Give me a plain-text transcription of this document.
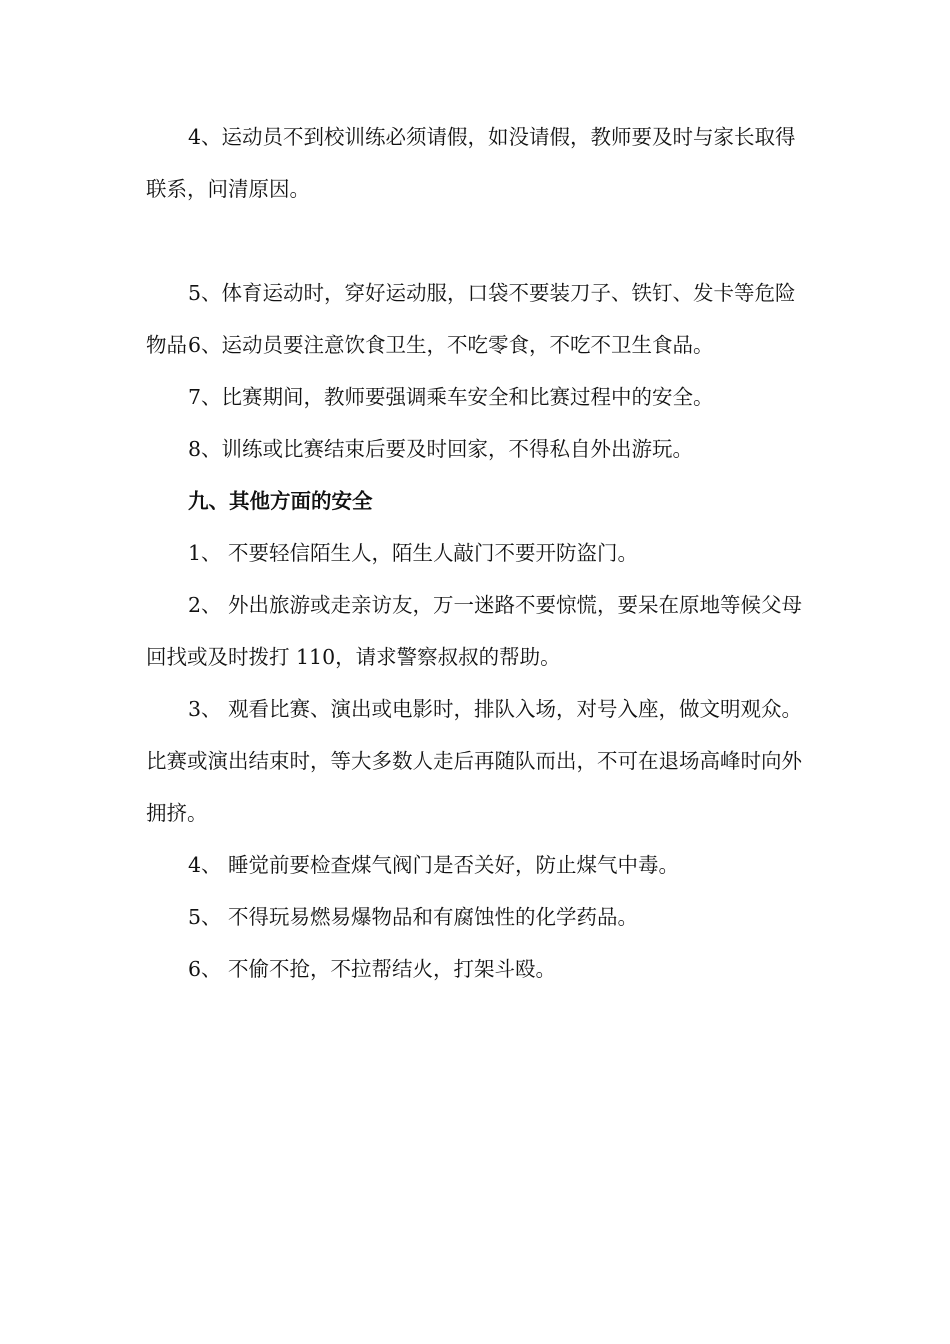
4、运动员不到校训练必须请假，如没请假，教师要及时与家长取得联系，问清原因。

5、体育运动时，穿好运动服，口袋不要装刀子、铁钉、发卡等危险物品 6、运动员要注意饮食卫生，不吃零食，不吃不卫生食品。

7、比赛期间，教师要强调乘车安全和比赛过程中的安全。

8、训练或比赛结束后要及时回家，不得私自外出游玩。

九、其他方面的安全

1、 不要轻信陌生人，陌生人敲门不要开防盗门。

2、 外出旅游或走亲访友，万一迷路不要惊慌，要呆在原地等候父母回找或及时拨打 110，请求警察叔叔的帮助。

3、 观看比赛、演出或电影时，排队入场，对号入座，做文明观众。比赛或演出结束时，等大多数人走后再随队而出，不可在退场高峰时向外拥挤。

4、 睡觉前要检查煤气阀门是否关好，防止煤气中毒。

5、 不得玩易燃易爆物品和有腐蚀性的化学药品。

6、 不偷不抢，不拉帮结火，打架斗殴。
